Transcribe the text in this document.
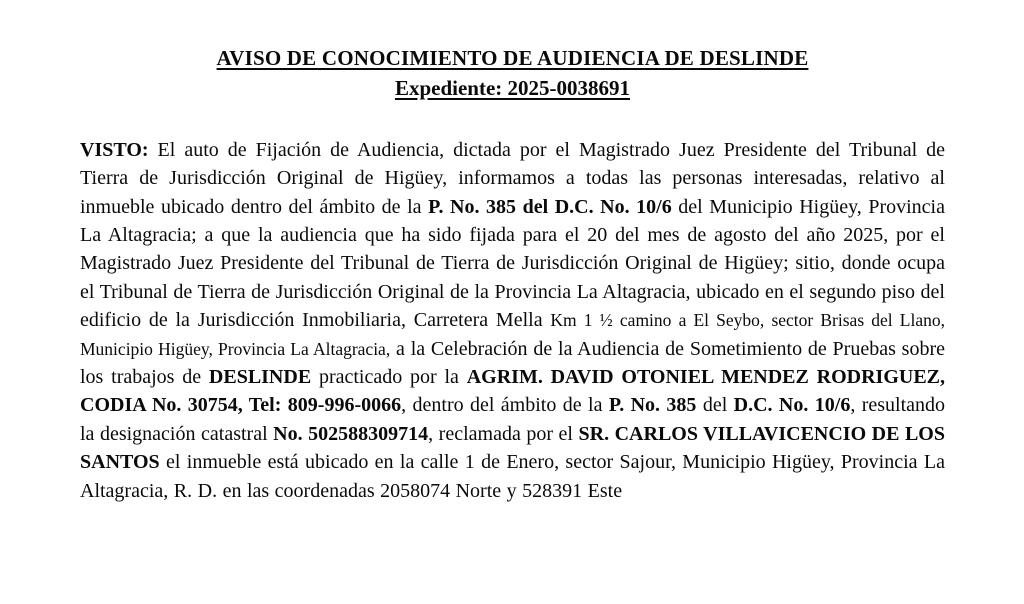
AVISO DE CONOCIMIENTO DE AUDIENCIA DE DESLINDE
Expediente: 2025-0038691

VISTO: El auto de Fijación de Audiencia, dictada por el Magistrado Juez Presidente del Tribunal de Tierra de Jurisdicción Original de Higüey, informamos a todas las personas interesadas, relativo al inmueble ubicado dentro del ámbito de la P. No. 385 del D.C. No. 10/6 del Municipio Higüey, Provincia La Altagracia; a que la audiencia que ha sido fijada para el 20 del mes de agosto del año 2025, por el Magistrado Juez Presidente del Tribunal de Tierra de Jurisdicción Original de Higüey; sitio, donde ocupa el Tribunal de Tierra de Jurisdicción Original de la Provincia La Altagracia, ubicado en el segundo piso del edificio de la Jurisdicción Inmobiliaria, Carretera Mella Km 1 ½ camino a El Seybo, sector Brisas del Llano, Municipio Higüey, Provincia La Altagracia, a la Celebración de la Audiencia de Sometimiento de Pruebas sobre los trabajos de DESLINDE practicado por la AGRIM. DAVID OTONIEL MENDEZ RODRIGUEZ, CODIA No. 30754, Tel: 809-996-0066, dentro del ámbito de la P. No. 385 del D.C. No. 10/6, resultando la designación catastral No. 502588309714, reclamada por el SR. CARLOS VILLAVICENCIO DE LOS SANTOS el inmueble está ubicado en la calle 1 de Enero, sector Sajour, Municipio Higüey, Provincia La Altagracia, R. D. en las coordenadas 2058074 Norte y 528391 Este
